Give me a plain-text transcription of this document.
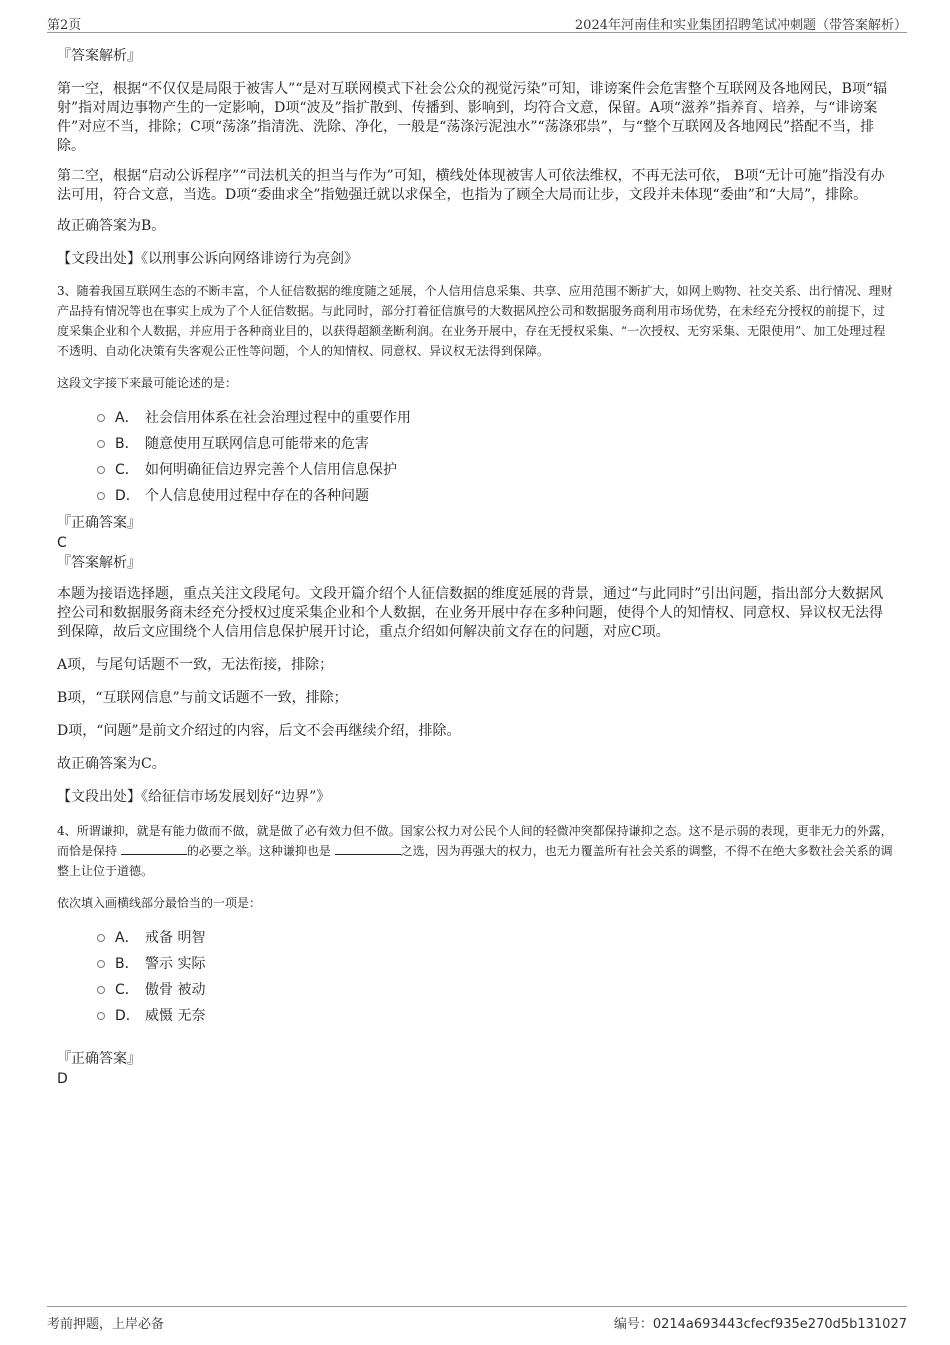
第2页	2024年河南佳和实业集团招聘笔试冲刺题（带答案解析）

『答案解析』

第一空，根据“不仅仅是局限于被害人”“是对互联网模式下社会公众的视觉污染”可知，诽谤案件会危害整个互联网及各地网民，B项“辐射”指对周边事物产生的一定影响，D项“波及”指扩散到、传播到、影响到，均符合文意，保留。A项“滋养”指养育、培养，与“诽谤案件”对应不当，排除；C项“荡涤”指清洗、洗除、净化，一般是“荡涤污泥浊水”“荡涤邪祟”，与“整个互联网及各地网民”搭配不当，排除。

第二空，根据“启动公诉程序”“司法机关的担当与作为”可知，横线处体现被害人可依法维权，不再无法可依， B项“无计可施”指没有办法可用，符合文意，当选。D项“委曲求全”指勉强迁就以求保全，也指为了顾全大局而让步，文段并未体现“委曲”和“大局”，排除。

故正确答案为B。

【文段出处】《以刑事公诉向网络诽谤行为亮剑》

3、随着我国互联网生态的不断丰富，个人征信数据的维度随之延展，个人信用信息采集、共享、应用范围不断扩大，如网上购物、社交关系、出行情况、理财产品持有情况等也在事实上成为了个人征信数据。与此同时，部分打着征信旗号的大数据风控公司和数据服务商利用市场优势，在未经充分授权的前提下，过度采集企业和个人数据，并应用于各种商业目的，以获得超额垄断利润。在业务开展中，存在无授权采集、“一次授权、无穷采集、无限使用”、加工处理过程不透明、自动化决策有失客观公正性等问题，个人的知情权、同意权、异议权无法得到保障。

这段文字接下来最可能论述的是：

A． 社会信用体系在社会治理过程中的重要作用
B． 随意使用互联网信息可能带来的危害
C． 如何明确征信边界完善个人信用信息保护
D． 个人信息使用过程中存在的各种问题

『正确答案』

C

『答案解析』

本题为接语选择题，重点关注文段尾句。文段开篇介绍个人征信数据的维度延展的背景，通过“与此同时”引出问题，指出部分大数据风控公司和数据服务商未经充分授权过度采集企业和个人数据，在业务开展中存在多种问题，使得个人的知情权、同意权、异议权无法得到保障，故后文应围绕个人信用信息保护展开讨论，重点介绍如何解决前文存在的问题，对应C项。

A项，与尾句话题不一致，无法衔接，排除；

B项，“互联网信息”与前文话题不一致，排除；

D项，“问题”是前文介绍过的内容，后文不会再继续介绍，排除。

故正确答案为C。

【文段出处】《给征信市场发展划好“边界”》

4、所谓谦抑，就是有能力做而不做，就是做了必有效力但不做。国家公权力对公民个人间的轻微冲突都保持谦抑之态。这不是示弱的表现，更非无力的外露，而恰是保持	的必要之举。这种谦抑也是	之选，因为再强大的权力，也无力覆盖所有社会关系的调整，不得不在绝大多数社会关系的调整上让位于道德。

依次填入画横线部分最恰当的一项是：

A． 戒备 明智
B． 警示 实际
C． 傲骨 被动
D． 威慑 无奈

『正确答案』

D

考前押题，上岸必备	编号：0214a693443cfecf935e270d5b131027
